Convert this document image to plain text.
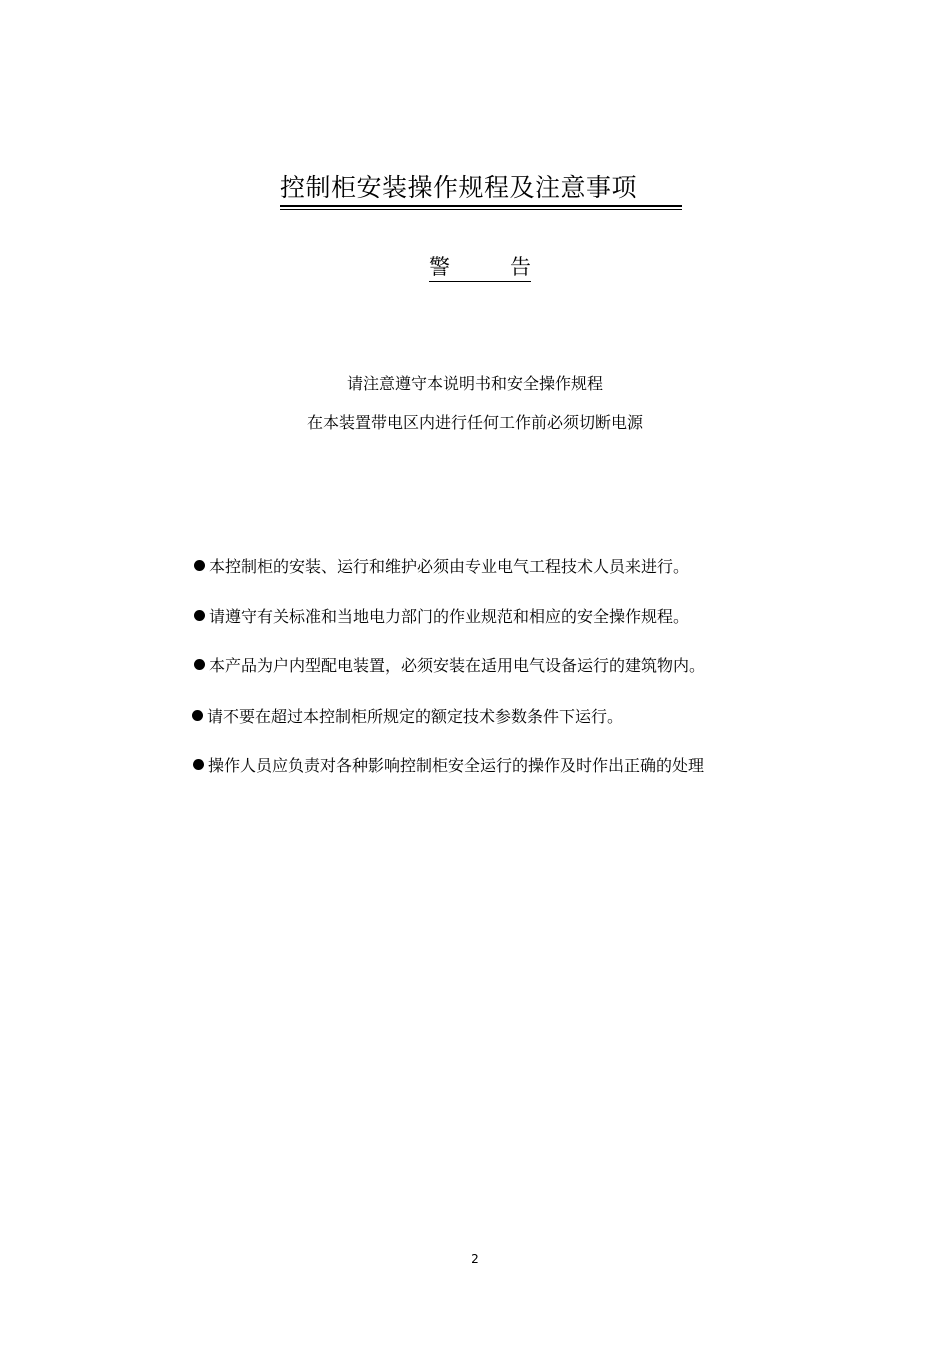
控制柜安装操作规程及注意事项
警	告

请注意遵守本说明书和安全操作规程
在本装置带电区内进行任何工作前必须切断电源
本控制柜的安装、运行和维护必须由专业电气工程技术人员来进行。
请遵守有关标准和当地电力部门的作业规范和相应的安全操作规程。
本产品为户内型配电装置，必须安装在适用电气设备运行的建筑物内。
请不要在超过本控制柜所规定的额定技术参数条件下运行。
操作人员应负责对各种影响控制柜安全运行的操作及时作出正确的处理
2
